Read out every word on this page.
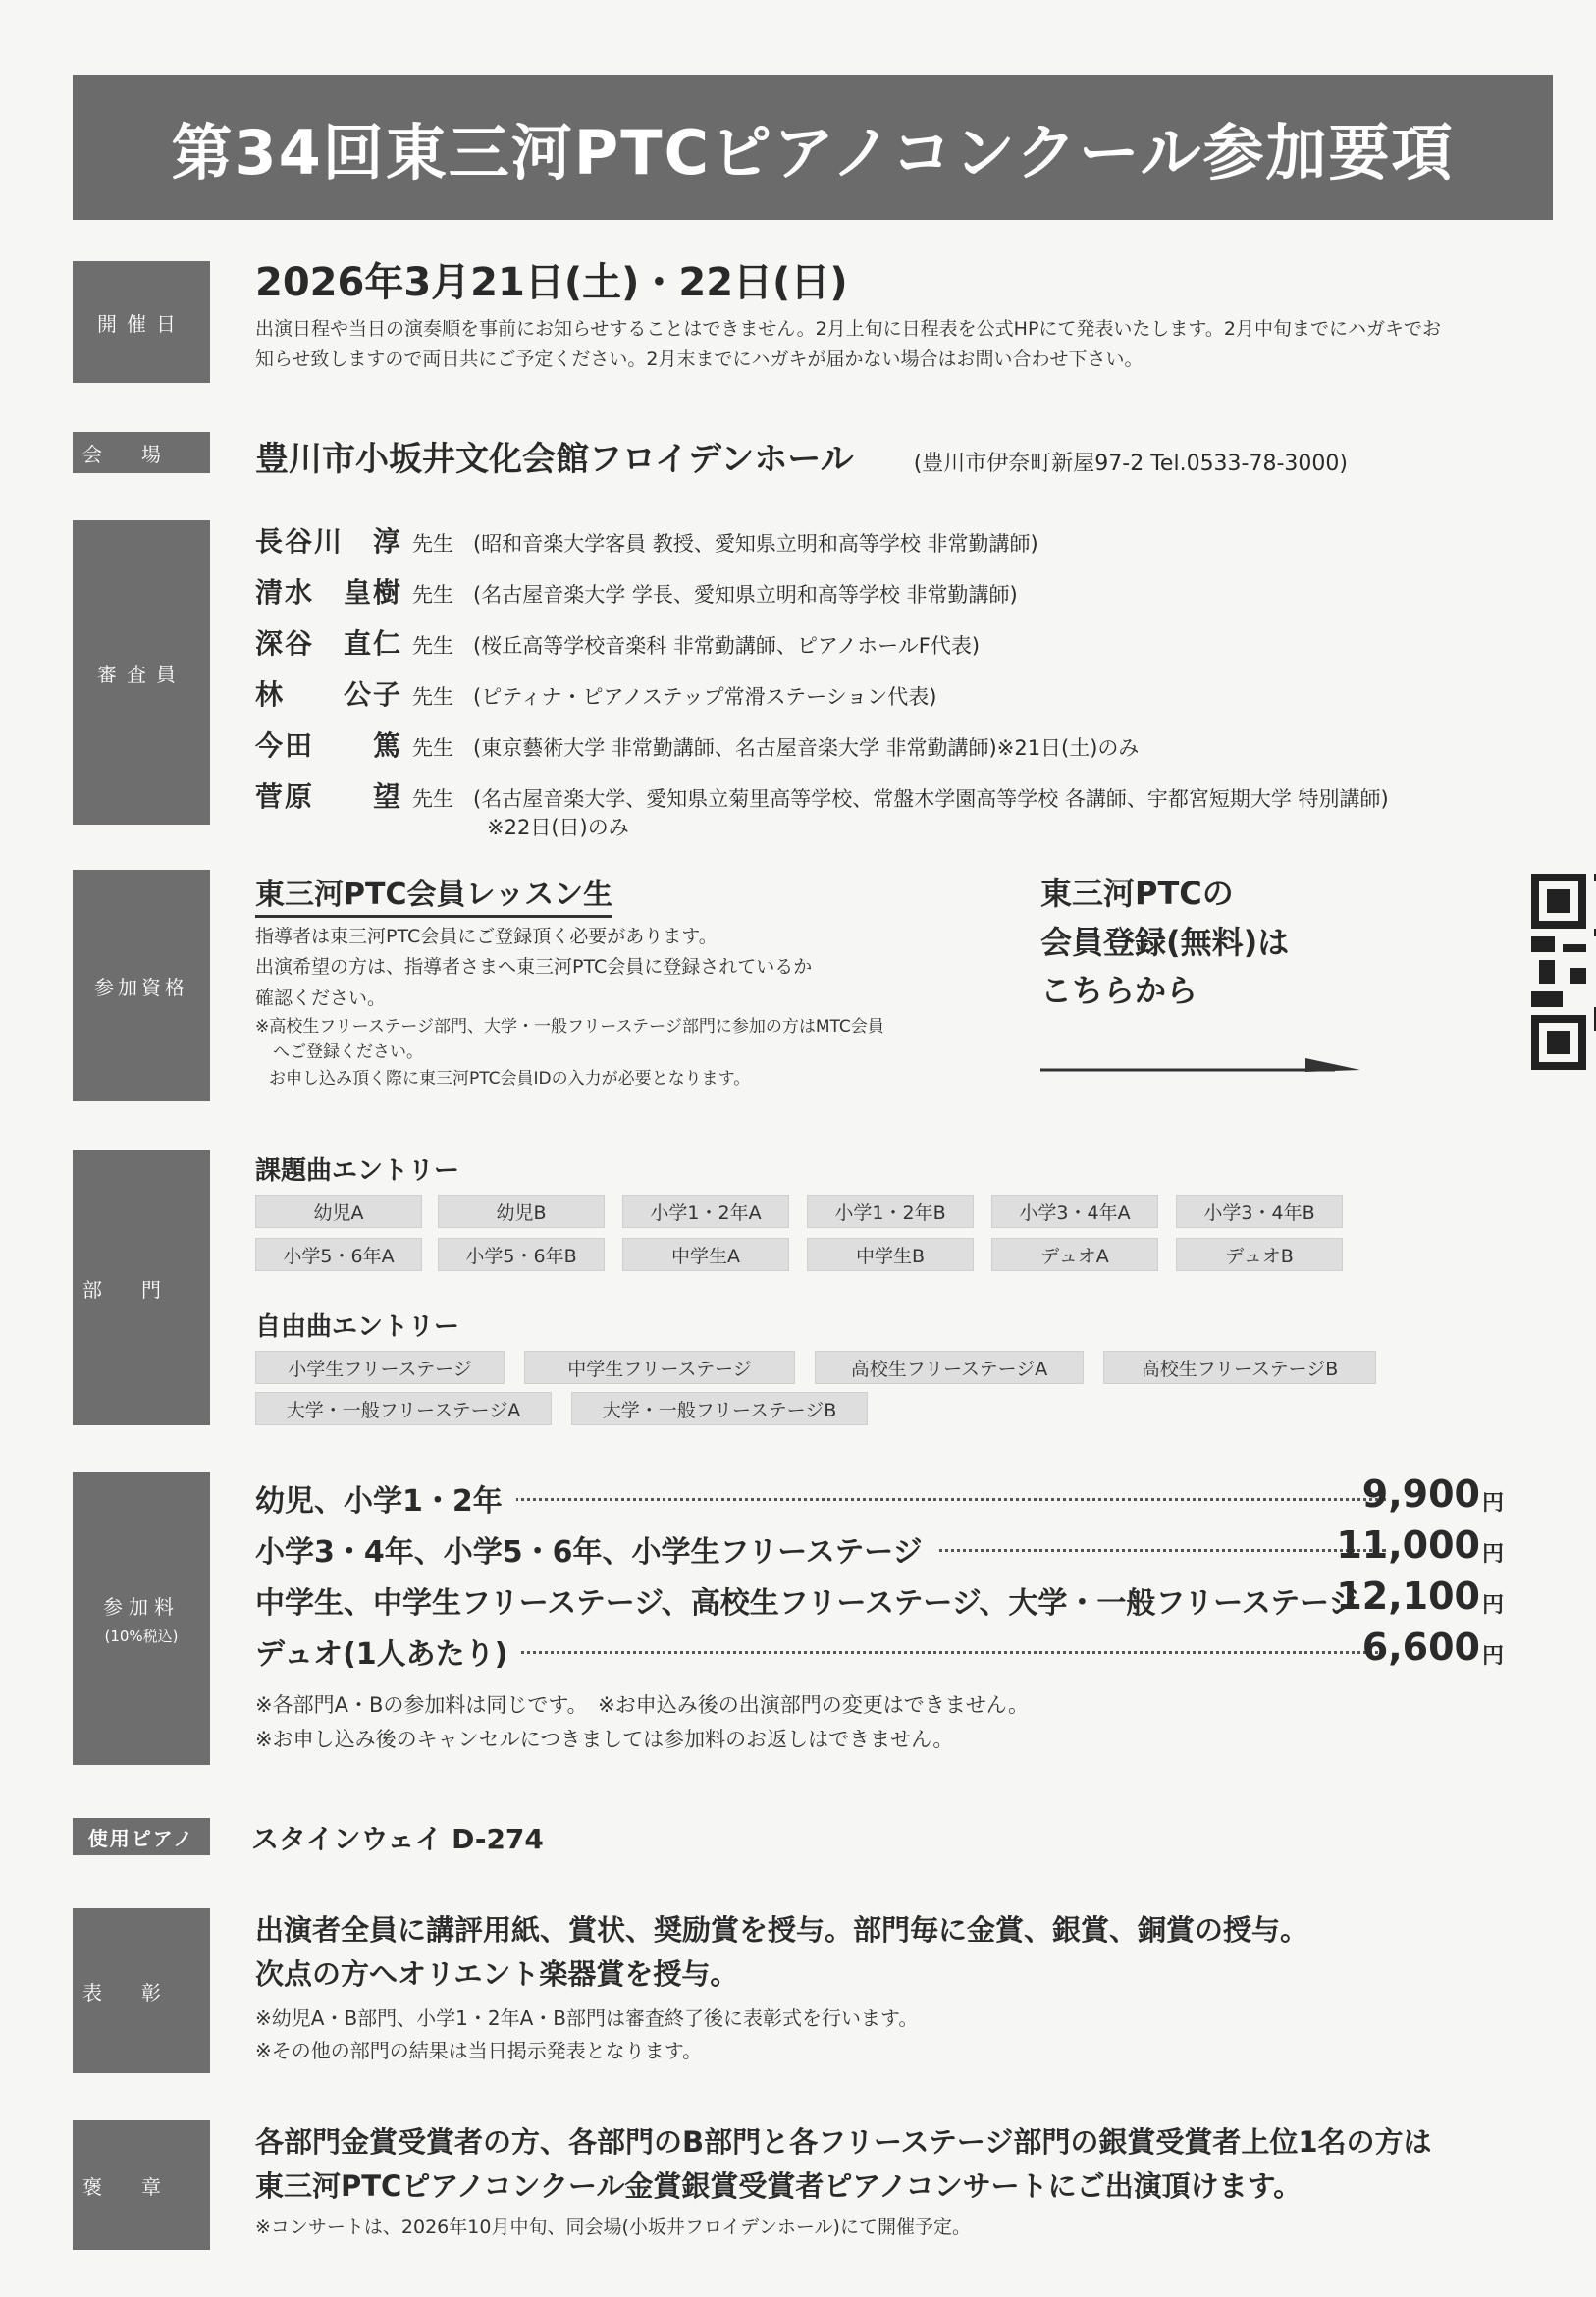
第34回東三河PTCピアノコンクール参加要項
開催日
2026年3月21日(土)・22日(日)
出演日程や当日の演奏順を事前にお知らせすることはできません。2月上旬に日程表を公式HPにて発表いたします。2月中旬までにハガキでお
知らせ致しますので両日共にご予定ください。2月末までにハガキが届かない場合はお問い合わせ下さい。
会場 豊川市小坂井文化会館フロイデンホール	(豊川市伊奈町新屋97-2 Tel.0533-78-3000)
審査員
長谷川　淳 先生 (昭和音楽大学客員 教授、愛知県立明和高等学校 非常勤講師)
清水　皇樹 先生 (名古屋音楽大学 学長、愛知県立明和高等学校 非常勤講師)
深谷　直仁 先生 (桜丘高等学校音楽科 非常勤講師、ピアノホールF代表)
林　　公子 先生 (ピティナ・ピアノステップ常滑ステーション代表)
今田　　篤 先生 (東京藝術大学 非常勤講師、名古屋音楽大学 非常勤講師)※21日(土)のみ
菅原　　望 先生 (名古屋音楽大学、愛知県立菊里高等学校、常盤木学園高等学校 各講師、宇都宮短期大学 特別講師)
※22日(日)のみ
参加資格
東三河PTC会員レッスン生
指導者は東三河PTC会員にご登録頂く必要があります。
出演希望の方は、指導者さまへ東三河PTC会員に登録されているか
確認ください。
※高校生フリーステージ部門、大学・一般フリーステージ部門に参加の方はMTC会員
へご登録ください。
お申し込み頂く際に東三河PTC会員IDの入力が必要となります。
東三河PTCの
会員登録(無料)は
こちらから
部門
課題曲エントリー
幼児A	幼児B	小学1・2年A	小学1・2年B	小学3・4年A	小学3・4年B
小学5・6年A	小学5・6年B	中学生A	中学生B	デュオA	デュオB
自由曲エントリー
小学生フリーステージ	中学生フリーステージ	高校生フリーステージA	高校生フリーステージB
大学・一般フリーステージA	大学・一般フリーステージB
参加料
(10%税込)
幼児、小学1・2年	9,900 円
小学3・4年、小学5・6年、小学生フリーステージ	11,000 円
中学生、中学生フリーステージ、高校生フリーステージ、大学・一般フリーステージ
12,100 円
デュオ(1人あたり)	6,600 円
※各部門A・Bの参加料は同じです。　※お申込み後の出演部門の変更はできません。
※お申し込み後のキャンセルにつきましては参加料のお返しはできません。
使用ピアノ	スタインウェイ D-274
表彰
出演者全員に講評用紙、賞状、奨励賞を授与。部門毎に金賞、銀賞、銅賞の授与。
次点の方へオリエント楽器賞を授与。
※幼児A・B部門、小学1・2年A・B部門は審査終了後に表彰式を行います。
※その他の部門の結果は当日掲示発表となります。
褒章
各部門金賞受賞者の方、各部門のB部門と各フリーステージ部門の銀賞受賞者上位1名の方は
東三河PTCピアノコンクール金賞銀賞受賞者ピアノコンサートにご出演頂けます。
※コンサートは、2026年10月中旬、同会場(小坂井フロイデンホール)にて開催予定。
